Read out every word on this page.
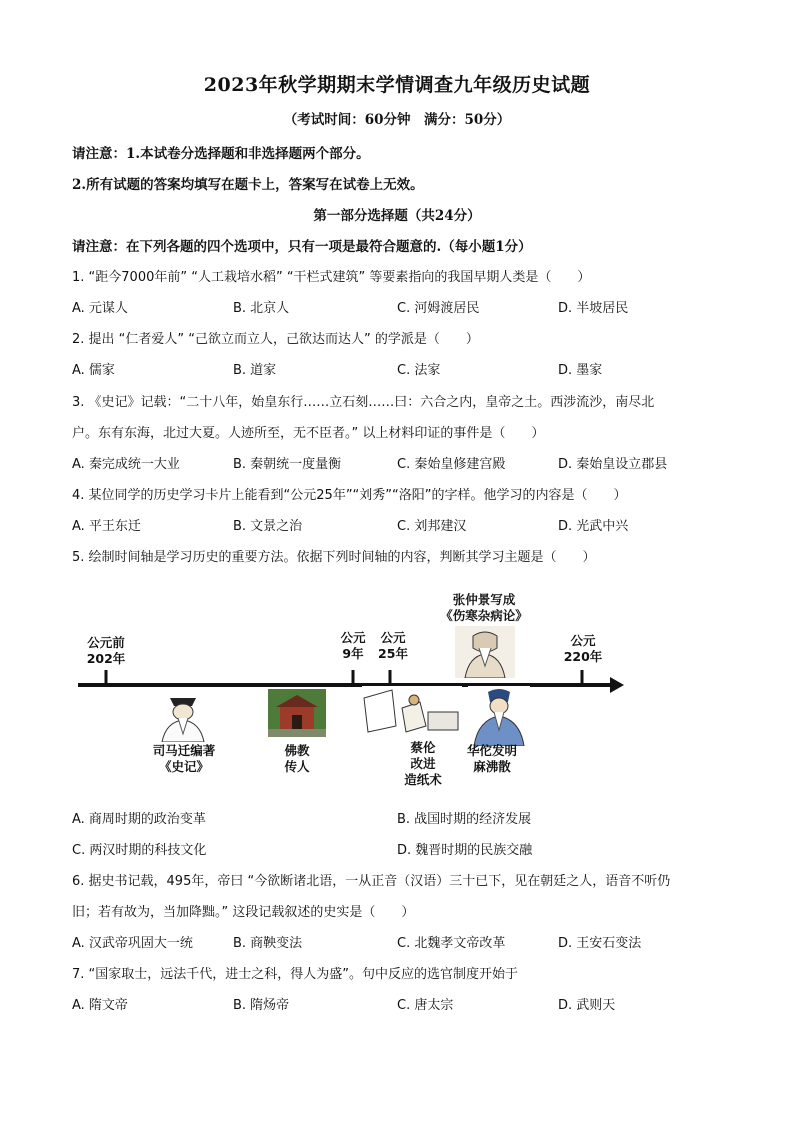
2023年秋学期期末学情调查九年级历史试题
（考试时间：60分钟　满分：50分）
请注意：1.本试卷分选择题和非选择题两个部分。
2.所有试题的答案均填写在题卡上，答案写在试卷上无效。
第一部分选择题（共24分）
请注意：在下列各题的四个选项中，只有一项是最符合题意的.（每小题1分）
1. “距今7000年前” “人工栽培水稻” “干栏式建筑” 等要素指向的我国早期人类是（　　）
A. 元谋人	B. 北京人	C. 河姆渡居民	D. 半坡居民
2. 提出 “仁者爱人” “己欲立而立人，己欲达而达人” 的学派是（　　）
A. 儒家	B. 道家	C. 法家	D. 墨家
3. 《史记》记载：“二十八年，始皇东行……立石刻……曰：六合之内，皇帝之土。西涉流沙，南尽北
户。东有东海，北过大夏。人迹所至，无不臣者。” 以上材料印证的事件是（　　）
A. 秦完成统一大业	B. 秦朝统一度量衡	C. 秦始皇修建宫殿	D. 秦始皇设立郡县
4. 某位同学的历史学习卡片上能看到“公元25年”“刘秀”“洛阳”的字样。他学习的内容是（　　）
A. 平王东迁	B. 文景之治	C. 刘邦建汉	D. 光武中兴
5. 绘制时间轴是学习历史的重要方法。依据下列时间轴的内容，判断其学习主题是（　　）
公元前
202年
公元
9年
公元
25年
公元
220年
张仲景写成
《伤寒杂病论》
司马迁编著
《史记》
佛教
传人
蔡伦
改进
造纸术
华佗发明
麻沸散
A. 商周时期的政治变革	B. 战国时期的经济发展
C. 两汉时期的科技文化	D. 魏晋时期的民族交融
6. 据史书记载，495年，帝曰 “今欲断诸北语，一从正音（汉语）三十已下，见在朝廷之人，语音不听仍
旧；若有故为，当加降黜。” 这段记载叙述的史实是（　　）
A. 汉武帝巩固大一统	B. 商鞅变法	C. 北魏孝文帝改革	D. 王安石变法
7. “国家取士，远法千代，进士之科，得人为盛”。句中反应的选官制度开始于
A. 隋文帝	B. 隋炀帝	C. 唐太宗	D. 武则天
